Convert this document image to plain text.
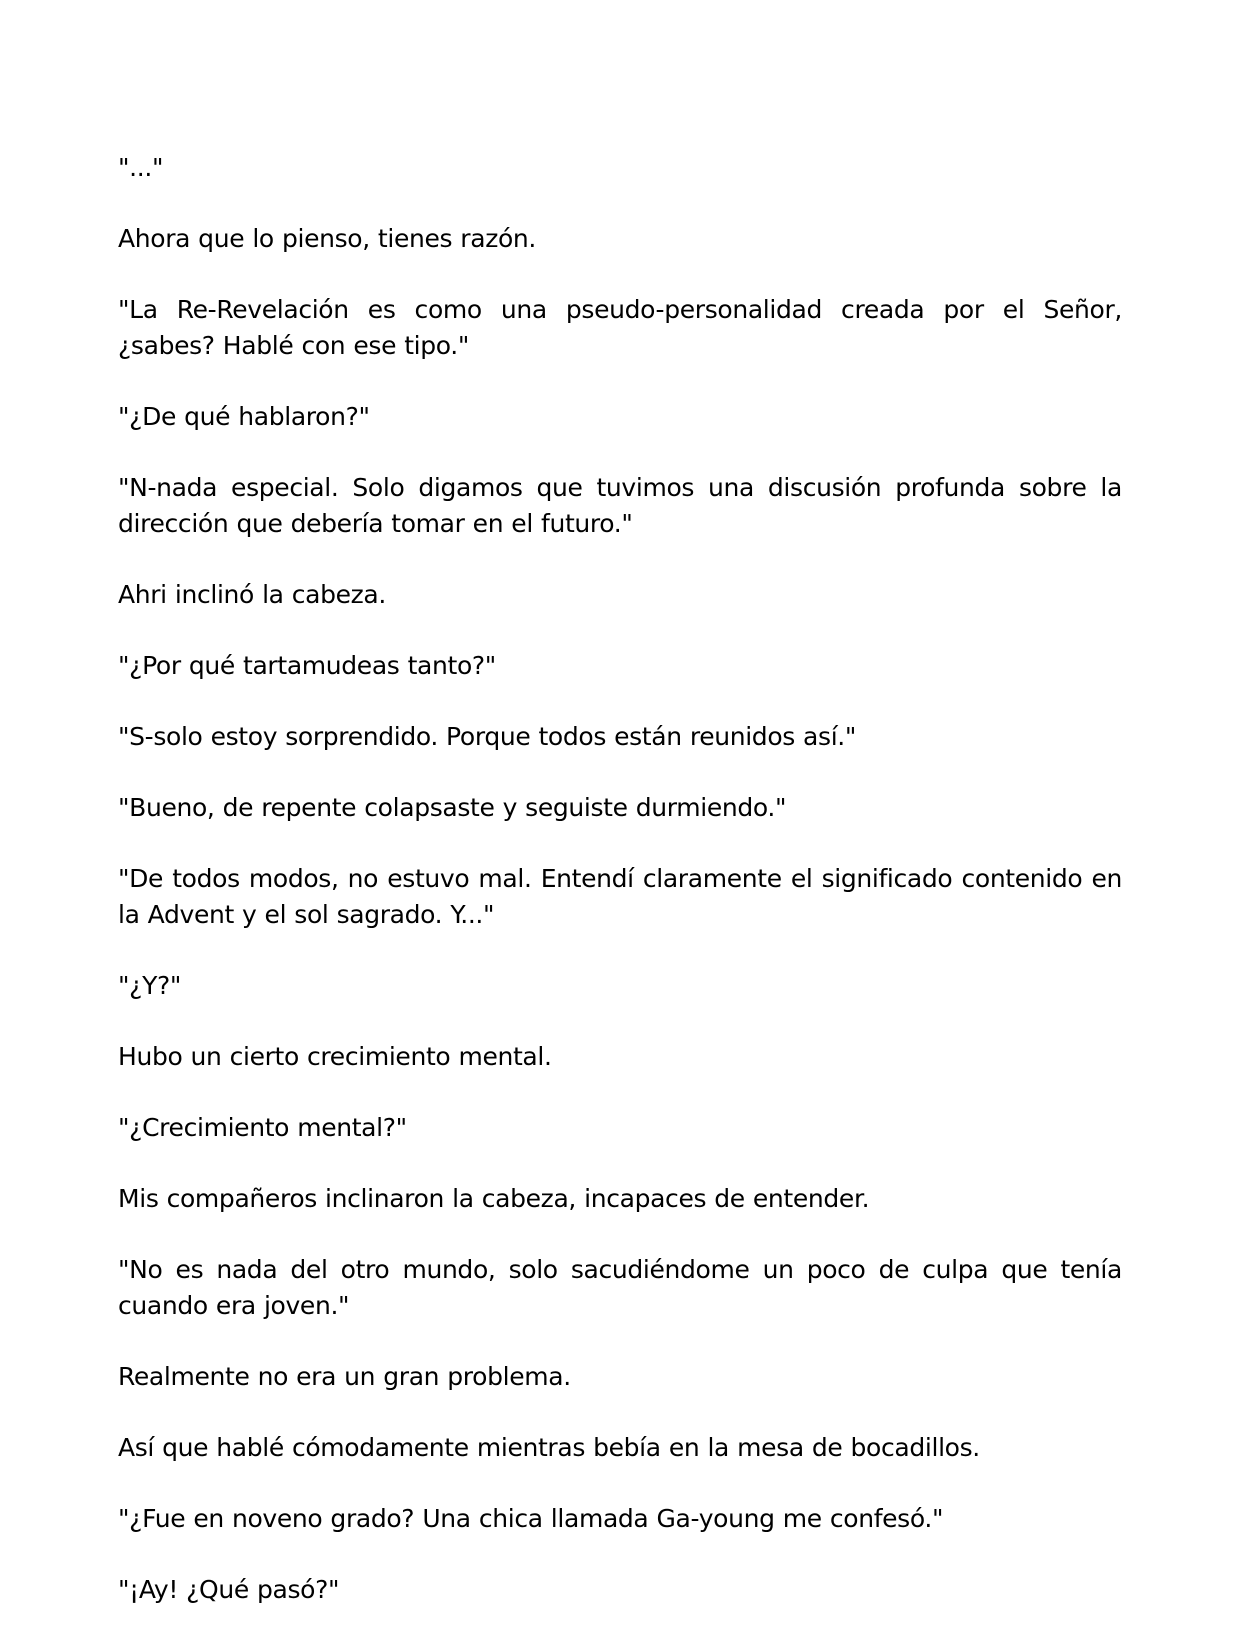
"..."

Ahora que lo pienso, tienes razón.

"La Re-Revelación es como una pseudo-personalidad creada por el Señor, ¿sabes? Hablé con ese tipo."

"¿De qué hablaron?"

"N-nada especial. Solo digamos que tuvimos una discusión profunda sobre la dirección que debería tomar en el futuro."

Ahri inclinó la cabeza.

"¿Por qué tartamudeas tanto?"

"S-solo estoy sorprendido. Porque todos están reunidos así."

"Bueno, de repente colapsaste y seguiste durmiendo."

"De todos modos, no estuvo mal. Entendí claramente el significado contenido en la Advent y el sol sagrado. Y..."

"¿Y?"

Hubo un cierto crecimiento mental.

"¿Crecimiento mental?"

Mis compañeros inclinaron la cabeza, incapaces de entender.

"No es nada del otro mundo, solo sacudiéndome un poco de culpa que tenía cuando era joven."

Realmente no era un gran problema.

Así que hablé cómodamente mientras bebía en la mesa de bocadillos.

"¿Fue en noveno grado? Una chica llamada Ga-young me confesó."

"¡Ay! ¿Qué pasó?"
